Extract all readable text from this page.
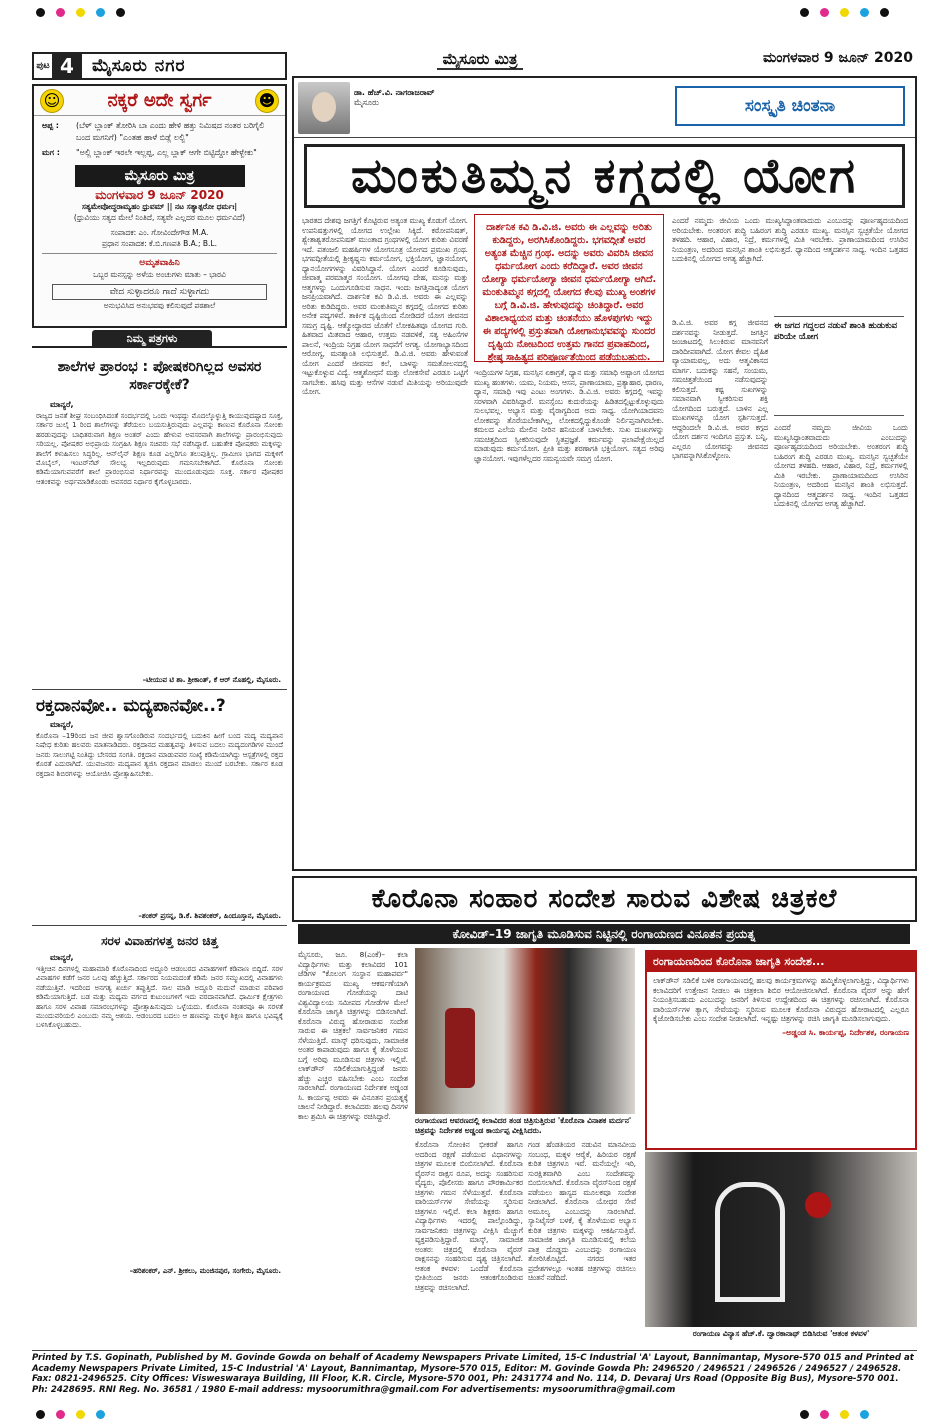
ಪುಟ 4	ಮೈಸೂರು ನಗರ	ಮೈಸೂರು ಮಿತ್ರ	ಮಂಗಳವಾರ 9 ಜೂನ್ 2020
☺	ನಕ್ಕರೆ ಅದೇ ಸ್ವರ್ಗ	☻
ಅಪ್ಪ :	(ಬೆಳ್ ಬ್ಲಾಂಕ್ ತೋರಿಸಿ ಬಾ ಎಂದು ಹೇಳಿ ಹತ್ತು ನಿಮಿಷದ ನಂತರ ಬರಿಗೈಲಿ ಬಂದ ಮಗನಿಗೆ) "ಎಂತಹ ಹಾಳೆ ಬಿಡ್ಲೆ ಲಲ್ಬಿ"
ಮಗ :	"ಅಲ್ಲಿ ಬ್ಲಾಂಕ್ ಇರಲೇ ಇಲ್ಲಪ್ಪ, ಎಲ್ಲ ಬ್ಲಾಕ್ ಆಗೇ ಬಿಟ್ಟಿದ್ದೋ ಹೇಳ್ಬೇಕು"
ಮೈಸೂರು ಮಿತ್ರ
ಮಂಗಳವಾರ 9 ಜೂನ್ 2020
ಸತ್ಯಮೇವೋದ್ಧರಾಮ್ಯಹಂ ಧ್ರುವಮ್ || ನಟ ಸತ್ಯಾತ್ಪರೋ ಧರ್ಮಃ|
(ಧ್ರುವಿಯು ಸತ್ಯದ ಮೇಲೆ ನಿಂತಿದೆ, ಸತ್ಯವೇ ಎಲ್ಲದರ ಮೂಲ ಧರ್ಮವಿದೆ)
ಸಂಪಾದಕ: ಎಂ. ಗೋವಿಂದೇಗೌಡ M.A.
ಪ್ರಧಾನ ಸಂಪಾದಕ: ಕೆ.ಬಿ.ಗಣಪತಿ B.A.; B.L.
ಅಮೃತವಾಹಿನಿ
ಒಬ್ಬರ ಮನಸ್ಸನ್ನು ಅಳೆಯ ಅಂಚುಗಳು ಮಾತು – ಭಾರವಿ
ವೇದ ಸುಳ್ಳಾದರೂ ಗಾದೆ ಸುಳ್ಳಾಗದು
ಅನುಭವಿಸಿದ ಅನುಭವವು ಕಲಿಸುವುದೆ ಪಠಶಾಲೆ
ನಿಮ್ಮ ಪತ್ರಗಳು
ಶಾಲೆಗಳ ಪ್ರಾರಂಭ : ಪೋಷಕರಿಗಿಲ್ಲದ ಅವಸರ ಸರ್ಕಾರಕ್ಕೇಕೆ?
ಮಾನ್ಯರೆ,
ರಾಜ್ಯದ ಜನತೆ ಶೀಘ್ರ ಸಂಬಂಧಿಸಿದಂತೆ ಸಂದರ್ಭದಲ್ಲಿ ಒಂದು ಇಂಥದ್ದು ಮೊದಲ್ಕೊಳ್ಳುತ್ತಿ ಕಾಯುವುದಷ್ಟಾದ ಸೂಕ್ತ, ಸರ್ಕಾರ ಜುಲೈ 1 ರಿಂದ ಶಾಲೆಗಳನ್ನು ತೆರೆಯಲು ಬಯಸುತ್ತಿರುವುದು ಎಲ್ಲವನ್ನು ಕಾಣುವ ಕೊರೊನಾ ಸೋಂಕು ಹರಡುವುದನ್ನು ಬಾಧಿತರುವಾಗ ಶಿಕ್ಷಣ ಅಂತರ್ ಎಂದು ಹೇಳುವ ಅವಸರವಾಗಿ ಶಾಲೆಗಳನ್ನು ಪ್ರಾರಂಭಿಸುವುದು ಸರಿಯಲ್ಲ. ಪೋಷಕರ ಅಭಿಪ್ರಾಯ ಸಂಗ್ರಹಿಸಿ ಶಿಕ್ಷಣ ಸಚಿವರು ಸಭೆ ನಡೆಸಿದ್ದಾರೆ. ಬಹುತೇಕ ಪೋಷಕರು ಮಕ್ಕಳನ್ನು ಶಾಲೆಗೆ ಕಳುಹಿಸಲು ಸಿದ್ಧರಿಲ್ಲ. ಆನ್‌ಲೈನ್ ಶಿಕ್ಷಣ ಕೂಡ ಎಲ್ಲರಿಗೂ ತಲುಪುತ್ತಿಲ್ಲ. ಗ್ರಾಮೀಣ ಭಾಗದ ಮಕ್ಕಳಿಗೆ ಮೊಬೈಲ್, ಇಂಟರ್‌ನೆಟ್ ಸೌಲಭ್ಯ ಇಲ್ಲದಿರುವುದು ಗಮನಿಸಬೇಕಾಗಿದೆ. ಕೊರೊನಾ ಸೋಂಕು ಕಡಿಮೆಯಾಗುವವರೆಗೆ ಶಾಲೆ ಪ್ರಾರಂಭಿಸುವ ನಿರ್ಧಾರವನ್ನು ಮುಂದೂಡುವುದು ಸೂಕ್ತ. ಸರ್ಕಾರ ಪೋಷಕರ ಆತಂಕವನ್ನು ಅರ್ಥಮಾಡಿಕೊಂಡು ಅವಸರದ ನಿರ್ಧಾರ ಕೈಗೊಳ್ಳಬಾರದು.
–ಟೀಯುವ ಟಿ ಶಾ. ಶ್ರೀಕಾಂತ್, ಕೆ ಆರ್ ನೊಹಲ್ಲಿ, ಮೈಸೂರು.
ರಕ್ತದಾನವೋ.. ಮದ್ಯಪಾನವೋ..?
ಮಾನ್ಯರೆ,
ಕೊರೊನಾ –19ರಿಂದ ಜನ ಜೀವ ಶ್ವಾಸಗೊಂಡಿರುವ ಸಂದರ್ಭದಲ್ಲಿ ಬದುಕಿನ ಹೀಗೆ ಬಂದ ಮದ್ಯ ಮದ್ಯಪಾನ ನಿಷೇಧ ಕುರಿತು ಹಲವರು ಮಾತನಾಡಿದರು. ರಕ್ತದಾನದ ಮಹತ್ವವನ್ನು ತಿಳಿಸುವ ಬದಲು ಮದ್ಯದಂಗಡಿಗಳ ಮುಂದೆ ಜನರು ಸಾಲುಗಟ್ಟಿ ನಿಂತಿದ್ದು ಬೇಸರದ ಸಂಗತಿ. ರಕ್ತದಾನ ಮಾಡುವವರ ಸಂಖ್ಯೆ ಕಡಿಮೆಯಾಗಿದ್ದು ಆಸ್ಪತ್ರೆಗಳಲ್ಲಿ ರಕ್ತದ ಕೊರತೆ ಎದುರಾಗಿದೆ. ಯುವಜನರು ಮದ್ಯಪಾನ ತ್ಯಜಿಸಿ ರಕ್ತದಾನ ಮಾಡಲು ಮುಂದೆ ಬರಬೇಕು. ಸರ್ಕಾರ ಕೂಡ ರಕ್ತದಾನ ಶಿಬಿರಗಳನ್ನು ಆಯೋಜಿಸಿ ಪ್ರೋತ್ಸಾಹಿಸಬೇಕು.
–ಶಂಕರ್ ಪ್ರಸನ್ನ, ಡಿ.ಕೆ. ಶಿವಶಂಕರ್, ಹಿಂದೂಸ್ತಾನ, ಮೈಸೂರು.
ಸರಳ ವಿವಾಹಗಳತ್ತ ಜನರ ಚಿತ್ತ
ಮಾನ್ಯರೆ,
ಇತ್ತೀಚಿನ ದಿನಗಳಲ್ಲಿ ಮಹಾಮಾರಿ ಕೊರೊನಾದಿಂದ ಅದ್ಧೂರಿ ಆಡಂಬರದ ವಿವಾಹಗಳಿಗೆ ಕಡಿವಾಣ ಬಿದ್ದಿದೆ. ಸರಳ ವಿವಾಹಗಳ ಕಡೆಗೆ ಜನರ ಒಲವು ಹೆಚ್ಚುತ್ತಿದೆ. ಸರ್ಕಾರದ ನಿಯಮದಂತೆ ಕಡಿಮೆ ಜನರ ಸಮ್ಮುಖದಲ್ಲಿ ವಿವಾಹಗಳು ನಡೆಯುತ್ತಿವೆ. ಇದರಿಂದ ಅನಗತ್ಯ ಖರ್ಚು ತಪ್ಪುತ್ತಿದೆ. ಸಾಲ ಮಾಡಿ ಅದ್ಧೂರಿ ಮದುವೆ ಮಾಡುವ ಪರಿಪಾಠ ಕಡಿಮೆಯಾಗುತ್ತಿದೆ. ಬಡ ಮತ್ತು ಮಧ್ಯಮ ವರ್ಗದ ಕುಟುಂಬಗಳಿಗೆ ಇದು ವರದಾನವಾಗಿದೆ. ಧಾರ್ಮಿಕ ಕ್ಷೇತ್ರಗಳು ಹಾಗೂ ಸರಳ ವಿವಾಹ ಸಮಾರಂಭಗಳನ್ನು ಪ್ರೋತ್ಸಾಹಿಸುವುದು ಒಳ್ಳೆಯದು. ಕೊರೊನಾ ನಂತರವೂ ಈ ಸರಳತೆ ಮುಂದುವರಿಯಲಿ ಎಂಬುದು ನಮ್ಮ ಆಶಯ. ಆಡಂಬರದ ಬದಲು ಆ ಹಣವನ್ನು ಮಕ್ಕಳ ಶಿಕ್ಷಣ ಹಾಗೂ ಭವಿಷ್ಯಕ್ಕೆ ಬಳಸಿಕೊಳ್ಳಬಹುದು.
–ಹರಿಶಂಕರ್, ಎನ್. ಶ್ರೀಕಲು, ಮಂಜಿನಪುರ, ಸಂಗೇರು, ಮೈಸೂರು.
ಡಾ. ಹೆಚ್.ವಿ. ನಾಗರಾಜರಾವ್
ಮೈಸೂರು	ಸಂಸ್ಕೃತಿ ಚಿಂತನಾ
ಮಂಕುತಿಮ್ಮನ ಕಗ್ಗದಲ್ಲಿ ಯೋಗ
ಭಾರತದ ದೇಶವು ಜಗತ್ತಿಗೆ ಕೊಟ್ಟಿರುವ ಅತ್ಯಂತ ಮುಖ್ಯ ಕೊಡುಗೆ ಯೋಗ. ಉಪನಿಷತ್ತುಗಳಲ್ಲಿ ಯೋಗದ ಉಲ್ಲೇಖ ಸಿಕ್ಕಿದೆ. ಕಠೋಪನಿಷತ್, ಶ್ವೇತಾಶ್ವತರೋಪನಿಷತ್ ಮುಂತಾದ ಗ್ರಂಥಗಳಲ್ಲಿ ಯೋಗ ಕುರಿತು ವಿವರಣೆ ಇದೆ. ಪತಂಜಲಿ ಮಹರ್ಷಿಗಳ ಯೋಗಸೂತ್ರ ಯೋಗದ ಪ್ರಮುಖ ಗ್ರಂಥ. ಭಗವದ್ಗೀತೆಯಲ್ಲಿ ಶ್ರೀಕೃಷ್ಣನು ಕರ್ಮಯೋಗ, ಭಕ್ತಿಯೋಗ, ಜ್ಞಾನಯೋಗ, ಧ್ಯಾನಯೋಗಗಳನ್ನು ವಿವರಿಸಿದ್ದಾನೆ. ಯೋಗ ಎಂದರೆ ಕೂಡಿಸುವುದು, ಜೀವಾತ್ಮ ಪರಮಾತ್ಮರ ಸಂಯೋಗ. ಯೋಗವು ದೇಹ, ಮನಸ್ಸು ಮತ್ತು ಆತ್ಮಗಳನ್ನು ಒಂದುಗೂಡಿಸುವ ಸಾಧನ. ಇಂದು ಜಗತ್ತಿನಾದ್ಯಂತ ಯೋಗ ಜನಪ್ರಿಯವಾಗಿದೆ. ದಾರ್ಶನಿಕ ಕವಿ ಡಿ.ವಿ.ಜಿ. ಅವರು ಈ ಎಲ್ಲವನ್ನು ಅರಿತು ಕುಡಿದಿದ್ದರು. ಅವರ ಮಂಕುತಿಮ್ಮನ ಕಗ್ಗದಲ್ಲಿ ಯೋಗದ ಕುರಿತು ಅನೇಕ ಪದ್ಯಗಳಿವೆ. ತಾರ್ಕಿಕ ದೃಷ್ಟಿಯಿಂದ ನೋಡಿದರೆ ಯೋಗ ಜೀವನದ ಸಮಗ್ರ ದೃಷ್ಟಿ. ಆತ್ಮೋದ್ಧಾರದ ಜೊತೆಗೆ ಲೋಕಹಿತವೂ ಯೋಗದ ಗುರಿ. ಹಿತವಾದ ಮಿತವಾದ ಆಹಾರ, ಉತ್ತಮ ನಡವಳಿಕೆ, ಸತ್ಯ ಅಹಿಂಸೆಗಳ ಪಾಲನೆ, ಇಂದ್ರಿಯ ನಿಗ್ರಹ ಯೋಗ ಸಾಧನೆಗೆ ಅಗತ್ಯ. ಯೋಗಾಭ್ಯಾಸದಿಂದ ಆರೋಗ್ಯ, ಮನಶ್ಶಾಂತಿ ಲಭಿಸುತ್ತವೆ. ಡಿ.ವಿ.ಜಿ. ಅವರು ಹೇಳುವಂತೆ ಯೋಗ ಎಂದರೆ ಜೀವನದ ಕಲೆ, ಬಾಳನ್ನು ಸಮತೋಲನದಲ್ಲಿ ಇಟ್ಟುಕೊಳ್ಳುವ ವಿದ್ಯೆ. ಆತ್ಮಶೋಧನೆ ಮತ್ತು ಲೋಕಸೇವೆ ಎರಡೂ ಒಟ್ಟಿಗೆ ಸಾಗಬೇಕು. ಹಸಿವು ಮತ್ತು ಆಸೆಗಳ ನಡುವೆ ಮಿತಿಯನ್ನು ಅರಿಯುವುದೇ ಯೋಗ.
ದಾರ್ಶನಿಕ ಕವಿ ಡಿ.ವಿ.ಜಿ. ಅವರು ಈ ಎಲ್ಲವನ್ನು ಅರಿತು ಕುಡಿದ್ದರು, ಅರಗಿಸಿಕೊಂಡಿದ್ದರು. ಭಗವದ್ಗೀತೆ ಅವರ ಅತ್ಯಂತ ಮೆಚ್ಚಿನ ಗ್ರಂಥ. ಅದನ್ನು ಅವರು ವಿವರಿಸಿ ಜೀವನ ಧರ್ಮಯೋಗ ಎಂದು ಕರೆದಿದ್ದಾರೆ. ಅವರ ಜೀವನ ಯೋಗ್ಯಾ ಧರ್ಮಯೋಗ್ಯಾ ಜೀವನ ಧರ್ಮಯೋಗ್ಯಾ ಆಗಿದೆ. ಮಂಕುತಿಮ್ಮನ ಕಗ್ಗದಲ್ಲಿ ಯೋಗದ ಕೆಲವು ಮುಖ್ಯ ಅಂಶಗಳ ಬಗ್ಗೆ ಡಿ.ವಿ.ಜಿ. ಹೇಳುವುದನ್ನು ಚಿಂತಿದ್ದಾರೆ. ಅವರ ವಿಶಾಲಾಧ್ಯಯನ ಮತ್ತು ಚಿಂತನೆಯು ಹೊಳಪುಗಳು ಇದ್ದು ಈ ಪದ್ಯಗಳಲ್ಲಿ ಪ್ರಸ್ತುತವಾಗಿ ಯೋಗಾನುಭವವನ್ನು ಸುಂದರ ದೃಷ್ಟಿಯ ನೋಟದಿಂದ ಉತ್ತಮ ಗಾನದ ಪ್ರವಾಹದಿಂದ, ಶ್ರೇಷ್ಠ ಸಾಹಿತ್ಯದ ಪರಿಪೂರ್ಣತೆಯಿಂದ ಪಡೆಯಬಹುದು.
ಇಂದ್ರಿಯಗಳ ನಿಗ್ರಹ, ಮನಸ್ಸಿನ ಏಕಾಗ್ರತೆ, ಧ್ಯಾನ ಮತ್ತು ಸಮಾಧಿ ಅಷ್ಟಾಂಗ ಯೋಗದ ಮುಖ್ಯ ಹಂತಗಳು. ಯಮ, ನಿಯಮ, ಆಸನ, ಪ್ರಾಣಾಯಾಮ, ಪ್ರತ್ಯಾಹಾರ, ಧಾರಣ, ಧ್ಯಾನ, ಸಮಾಧಿ ಇವು ಎಂಟು ಅಂಗಗಳು. ಡಿ.ವಿ.ಜಿ. ಅವರು ಕಗ್ಗದಲ್ಲಿ ಇವನ್ನು ಸರಳವಾಗಿ ವಿವರಿಸಿದ್ದಾರೆ. ಮನಸ್ಸೆಂಬ ಕುದುರೆಯನ್ನು ಹಿಡಿತದಲ್ಲಿಟ್ಟುಕೊಳ್ಳುವುದು ಸುಲಭವಲ್ಲ. ಅಭ್ಯಾಸ ಮತ್ತು ವೈರಾಗ್ಯದಿಂದ ಅದು ಸಾಧ್ಯ. ಯೋಗಿಯಾದವನು ಲೋಕವನ್ನು ತೊರೆಯಬೇಕಾಗಿಲ್ಲ, ಲೋಕದಲ್ಲಿದ್ದುಕೊಂಡೇ ನಿರ್ಲಿಪ್ತನಾಗಿರಬೇಕು. ಕಮಲದ ಎಲೆಯ ಮೇಲಿನ ನೀರಿನ ಹನಿಯಂತೆ ಬಾಳಬೇಕು. ಸುಖ ದುಃಖಗಳನ್ನು ಸಮಚಿತ್ತದಿಂದ ಸ್ವೀಕರಿಸುವುದೇ ಸ್ಥಿತಪ್ರಜ್ಞತೆ. ಕರ್ಮವನ್ನು ಫಲಾಪೇಕ್ಷೆಯಿಲ್ಲದೆ ಮಾಡುವುದು ಕರ್ಮಯೋಗ. ಪ್ರೀತಿ ಮತ್ತು ಶರಣಾಗತಿ ಭಕ್ತಿಯೋಗ. ಸತ್ಯದ ಅರಿವು ಜ್ಞಾನಯೋಗ. ಇವುಗಳೆಲ್ಲದರ ಸಮನ್ವಯವೇ ಸಮಗ್ರ ಯೋಗ.
ಎಂದರೆ ನಮ್ಮದು ಜೀವಿಯ ಒಂದು ಮುಖ್ಯಸಿದ್ಧಾಂತವಾದುದು ಎಂಬುದನ್ನು ಪೂರ್ಣಹೃದಯದಿಂದ ಅರಿಯಬೇಕು. ಅಂತರಂಗ ಶುದ್ಧಿ ಬಹಿರಂಗ ಶುದ್ಧಿ ಎರಡೂ ಮುಖ್ಯ. ಮನಸ್ಸಿನ ಸ್ವಚ್ಛತೆಯೇ ಯೋಗದ ತಳಹದಿ. ಆಹಾರ, ವಿಹಾರ, ನಿದ್ರೆ, ಕರ್ಮಗಳಲ್ಲಿ ಮಿತಿ ಇರಬೇಕು. ಪ್ರಾಣಾಯಾಮದಿಂದ ಉಸಿರಿನ ನಿಯಂತ್ರಣ, ಅದರಿಂದ ಮನಸ್ಸಿನ ಶಾಂತಿ ಲಭಿಸುತ್ತದೆ. ಧ್ಯಾನದಿಂದ ಆತ್ಮದರ್ಶನ ಸಾಧ್ಯ. ಇಂದಿನ ಒತ್ತಡದ ಬದುಕಿನಲ್ಲಿ ಯೋಗದ ಅಗತ್ಯ ಹೆಚ್ಚಾಗಿದೆ.
ಈ ಜಗದ ಗದ್ದಲದ ನಡುವೆ ಶಾಂತಿ ಹುಡುಕುವ ಪರಿಯೇ ಯೋಗ
ಡಿ.ವಿ.ಜಿ. ಅವರ ಕಗ್ಗ ಜೀವನದ ದರ್ಶನವನ್ನು ನೀಡುತ್ತದೆ. ಜಗತ್ತಿನ ಜಂಜಾಟದಲ್ಲಿ ಸಿಲುಕಿರುವ ಮಾನವನಿಗೆ ದಾರಿದೀಪವಾಗಿದೆ. ಯೋಗ ಕೇವಲ ದೈಹಿಕ ವ್ಯಾಯಾಮವಲ್ಲ, ಅದು ಆತ್ಮವಿಕಾಸದ ಮಾರ್ಗ. ಬದುಕನ್ನು ಸಹನೆ, ಸಂಯಮ, ಸಮಚಿತ್ತತೆಯಿಂದ ನಡೆಸುವುದನ್ನು ಕಲಿಸುತ್ತದೆ. ಕಷ್ಟ ಸುಖಗಳನ್ನು ಸಮಾನವಾಗಿ ಸ್ವೀಕರಿಸುವ ಶಕ್ತಿ ಯೋಗದಿಂದ ಬರುತ್ತದೆ. ಬಾಳಿನ ಎಲ್ಲ ಮುಖಗಳನ್ನೂ ಯೋಗ ಸ್ಪರ್ಶಿಸುತ್ತದೆ. ಆದ್ದರಿಂದಲೇ ಡಿ.ವಿ.ಜಿ. ಅವರ ಕಗ್ಗದ ಯೋಗ ದರ್ಶನ ಇಂದಿಗೂ ಪ್ರಸ್ತುತ. ಬನ್ನಿ, ಎಲ್ಲರೂ ಯೋಗವನ್ನು ಜೀವನದ ಭಾಗವನ್ನಾಗಿಸಿಕೊಳ್ಳೋಣ.
ಎಂದರೆ ನಮ್ಮದು ಜೀವಿಯ ಒಂದು ಮುಖ್ಯಸಿದ್ಧಾಂತವಾದುದು ಎಂಬುದನ್ನು ಪೂರ್ಣಹೃದಯದಿಂದ ಅರಿಯಬೇಕು. ಅಂತರಂಗ ಶುದ್ಧಿ ಬಹಿರಂಗ ಶುದ್ಧಿ ಎರಡೂ ಮುಖ್ಯ. ಮನಸ್ಸಿನ ಸ್ವಚ್ಛತೆಯೇ ಯೋಗದ ತಳಹದಿ. ಆಹಾರ, ವಿಹಾರ, ನಿದ್ರೆ, ಕರ್ಮಗಳಲ್ಲಿ ಮಿತಿ ಇರಬೇಕು. ಪ್ರಾಣಾಯಾಮದಿಂದ ಉಸಿರಿನ ನಿಯಂತ್ರಣ, ಅದರಿಂದ ಮನಸ್ಸಿನ ಶಾಂತಿ ಲಭಿಸುತ್ತದೆ. ಧ್ಯಾನದಿಂದ ಆತ್ಮದರ್ಶನ ಸಾಧ್ಯ. ಇಂದಿನ ಒತ್ತಡದ ಬದುಕಿನಲ್ಲಿ ಯೋಗದ ಅಗತ್ಯ ಹೆಚ್ಚಾಗಿದೆ.
ಕೊರೊನಾ ಸಂಹಾರ ಸಂದೇಶ ಸಾರುವ ವಿಶೇಷ ಚಿತ್ರಕಲೆ
ಕೋವಿಡ್–19 ಜಾಗೃತಿ ಮೂಡಿಸುವ ನಿಟ್ಟಿನಲ್ಲಿ ರಂಗಾಯಣದ ವಿನೂತನ ಪ್ರಯತ್ನ
ಮೈಸೂರು, ಜೂ. 8(ಎಂಕೆ)– ಕಲಾ ವಿದ್ಯಾರ್ಥಿಗಳು ಮತ್ತು ಕಲಾವಿದರ 101 ಜೆಡಿಗಳ "ಕೊಲಂಗ ಸಂಸ್ಥಾನ ಮಹಾಪರ್ವ" ಕಾರ್ಯಕ್ರಮದ ಮುಖ್ಯ ಆಕರ್ಷಣೆಯಾಗಿ ರಂಗಾಯಣದ ಗೋಡೆಯನ್ನು ದಾಟಿ ವಿಶ್ವವಿದ್ಯಾಲಯ ಸಮೀಪದ ಗೋಡೆಗಳ ಮೇಲೆ ಕೊರೊನಾ ಜಾಗೃತಿ ಚಿತ್ರಗಳನ್ನು ಬಿಡಿಸಲಾಗಿದೆ. ಕೊರೊನಾ ವಿರುದ್ಧ ಹೋರಾಡುವ ಸಂದೇಶ ಸಾರುವ ಈ ಚಿತ್ರಕಲೆ ಸಾರ್ವಜನಿಕರ ಗಮನ ಸೆಳೆಯುತ್ತಿದೆ. ಮಾಸ್ಕ್ ಧರಿಸುವುದು, ಸಾಮಾಜಿಕ ಅಂತರ ಕಾಪಾಡುವುದು ಹಾಗೂ ಕೈ ತೊಳೆಯುವ ಬಗ್ಗೆ ಅರಿವು ಮೂಡಿಸುವ ಚಿತ್ರಗಳು ಇಲ್ಲಿವೆ. ಲಾಕ್‌ಡೌನ್ ಸಡಿಲಿಕೆಯಾಗುತ್ತಿದ್ದಂತೆ ಜನರು ಹೆಚ್ಚು ಎಚ್ಚರ ವಹಿಸಬೇಕು ಎಂಬ ಸಂದೇಶ ಸಾರಲಾಗಿದೆ. ರಂಗಾಯಣದ ನಿರ್ದೇಶಕ ಅಡ್ಡಂಡ ಸಿ. ಕಾರ್ಯಪ್ಪ ಅವರು ಈ ವಿನೂತನ ಪ್ರಯತ್ನಕ್ಕೆ ಚಾಲನೆ ನೀಡಿದ್ದಾರೆ. ಕಲಾವಿದರು ಹಲವು ದಿನಗಳ ಕಾಲ ಶ್ರಮಿಸಿ ಈ ಚಿತ್ರಗಳನ್ನು ರಚಿಸಿದ್ದಾರೆ.	ರಂಗಾಯಣದ ಆವರಣದಲ್ಲಿ ಕಲಾವಿದರ ತಂಡ ಚಿತ್ರಿಸುತ್ತಿರುವ 'ಕೊರೊನಾ ವಿನಾಶಕ ಮರ್ದನ' ಚಿತ್ರವನ್ನು ನಿರ್ದೇಶಕ ಅಡ್ಡಂಡ ಕಾರ್ಯಪ್ಪ ವೀಕ್ಷಿಸಿದರು.
ಕೊರೊನಾ ಸೋಂಕಿನ ಭೀಕರತೆ ಹಾಗೂ ಅದರಿಂದ ರಕ್ಷಣೆ ಪಡೆಯುವ ವಿಧಾನಗಳನ್ನು ಚಿತ್ರಗಳ ಮೂಲಕ ಬಿಂಬಿಸಲಾಗಿದೆ. ಕೊರೊನಾ ವೈರಸ್‌ನ ರಾಕ್ಷಸ ರೂಪ, ಅದನ್ನು ಸಂಹರಿಸುವ ವೈದ್ಯರು, ಪೊಲೀಸರು ಹಾಗೂ ಪೌರಕಾರ್ಮಿಕರ ಚಿತ್ರಗಳು ಗಮನ ಸೆಳೆಯುತ್ತವೆ. ಕೊರೊನಾ ವಾರಿಯರ್ಸ್‌ಗಳ ಸೇವೆಯನ್ನು ಸ್ಮರಿಸುವ ಚಿತ್ರಗಳೂ ಇಲ್ಲಿವೆ. ಕಲಾ ಶಿಕ್ಷಕರು ಹಾಗೂ ವಿದ್ಯಾರ್ಥಿಗಳು ಇದರಲ್ಲಿ ಪಾಲ್ಗೊಂಡಿದ್ದು, ಸಾರ್ವಜನಿಕರು ಚಿತ್ರಗಳನ್ನು ವೀಕ್ಷಿಸಿ ಮೆಚ್ಚುಗೆ ವ್ಯಕ್ತಪಡಿಸುತ್ತಿದ್ದಾರೆ. ಮಾಸ್ಕ್, ಸಾಮಾಜಿಕ ಅಂತರ: ಚಿತ್ರದಲ್ಲಿ ಕೊರೊನಾ ವೈರಸ್ ರಾಕ್ಷಸನನ್ನು ಸಂಹರಿಸುವ ದೃಶ್ಯ ಚಿತ್ರಿಸಲಾಗಿದೆ. ಆತಂಕ ಕಳವಳ: ಒಂದೆಡೆ ಕೊರೊನಾ ಭೀತಿಯಿಂದ ಜನರು ಆತಂಕಗೊಂಡಿರುವ ಚಿತ್ರವನ್ನು ರಚಿಸಲಾಗಿದೆ.
ಗಂಡ ಹೆಂಡತಿಯರ ನಡುವಿನ ಮಾನವೀಯ ಸಂಬಂಧ, ಮಕ್ಕಳ ಆರೈಕೆ, ಹಿರಿಯರ ರಕ್ಷಣೆ ಕುರಿತ ಚಿತ್ರಗಳೂ ಇವೆ. ಮನೆಯಲ್ಲೇ ಇರಿ, ಸುರಕ್ಷಿತವಾಗಿರಿ ಎಂಬ ಸಂದೇಶವನ್ನು ಬಿಂಬಿಸಲಾಗಿದೆ. ಕೊರೊನಾ ವೈರಸ್‌ನಿಂದ ರಕ್ಷಣೆ ಪಡೆಯಲು ಹಾಸ್ಯದ ಮೂಲಕವೂ ಸಂದೇಶ ನೀಡಲಾಗಿದೆ. ಕೊರೊನಾ ಯೋಧರ ಸೇವೆ ಅಮೂಲ್ಯ ಎಂಬುದನ್ನು ಸಾರಲಾಗಿದೆ. ಸ್ಯಾನಿಟೈಸರ್ ಬಳಕೆ, ಕೈ ತೊಳೆಯುವ ಅಭ್ಯಾಸ ಕುರಿತ ಚಿತ್ರಗಳು ಮಕ್ಕಳನ್ನು ಆಕರ್ಷಿಸುತ್ತಿವೆ. ಸಾಮಾಜಿಕ ಜಾಗೃತಿ ಮೂಡಿಸುವಲ್ಲಿ ಕಲೆಯ ಪಾತ್ರ ದೊಡ್ಡದು ಎಂಬುದನ್ನು ರಂಗಾಯಣ ತೋರಿಸಿಕೊಟ್ಟಿದೆ. ನಗರದ ಇತರ ಪ್ರದೇಶಗಳಲ್ಲೂ ಇಂತಹ ಚಿತ್ರಗಳನ್ನು ರಚಿಸಲು ಚಿಂತನೆ ನಡೆದಿದೆ.
ರಂಗಾಯಣದಿಂದ ಕೊರೊನಾ ಜಾಗೃತಿ ಸಂದೇಶ...
ಲಾಕ್‌ಡೌನ್ ಸಡಿಲಿಕೆ ಬಳಿಕ ರಂಗಾಯಣದಲ್ಲಿ ಹಲವು ಕಾರ್ಯಕ್ರಮಗಳನ್ನು ಹಮ್ಮಿಕೊಳ್ಳಲಾಗುತ್ತಿದ್ದು, ವಿದ್ಯಾರ್ಥಿಗಳು ಕಲಾವಿದರಿಗೆ ಉತ್ತೇಜನ ನೀಡಲು ಈ ಚಿತ್ರಕಲಾ ಶಿಬಿರ ಆಯೋಜಿಸಲಾಗಿದೆ. ಕೊರೊನಾ ವೈರಸ್ ಅನ್ನು ಹೇಗೆ ನಿಯಂತ್ರಿಸಬಹುದು ಎಂಬುದನ್ನು ಜನರಿಗೆ ತಿಳಿಸುವ ಉದ್ದೇಶದಿಂದ ಈ ಚಿತ್ರಗಳನ್ನು ರಚಿಸಲಾಗಿದೆ. ಕೊರೊನಾ ವಾರಿಯರ್ಸ್‌ಗಳ ತ್ಯಾಗ, ಸೇವೆಯನ್ನು ಸ್ಮರಿಸುವ ಮೂಲಕ ಕೊರೊನಾ ವಿರುದ್ಧದ ಹೋರಾಟದಲ್ಲಿ ಎಲ್ಲರೂ ಕೈಜೋಡಿಸಬೇಕು ಎಂಬ ಸಂದೇಶ ನೀಡಲಾಗಿದೆ. ಇನ್ನಷ್ಟು ಚಿತ್ರಗಳನ್ನು ರಚಿಸಿ ಜಾಗೃತಿ ಮೂಡಿಸಲಾಗುವುದು.
–ಅಡ್ಡಂಡ ಸಿ. ಕಾರ್ಯಪ್ಪ, ನಿರ್ದೇಶಕ, ರಂಗಾಯಣ
ರಂಗಾಯಣ ವಿನ್ಯಾಸ ಹೆಚ್.ಕೆ. ದ್ವಾರಕಾನಾಥ್ ಬಿಡಿಸಿರುವ 'ಆತಂಕ ಕಳವಳ'
Printed by T.S. Gopinath, Published by M. Govinde Gowda on behalf of Academy Newspapers Private Limited, 15-C Industrial 'A' Layout, Bannimantap, Mysore-570 015 and Printed at Academy Newspapers Private Limited, 15-C Industrial 'A' Layout, Bannimantap, Mysore-570 015, Editor: M. Govinde Gowda Ph: 2496520 / 2496521 / 2496526 / 2496527 / 2496528. Fax: 0821-2496525. City Offices: Visweswaraya Building, III Floor, K.R. Circle, Mysore-570 001, Ph: 2431774 and No. 114, D. Devaraj Urs Road (Opposite Big Bus), Mysore-570 001. Ph: 2428695. RNI Reg. No. 36581 / 1980 E-mail address: mysoorumithra@gmail.com For advertisements: mysoorumithra@gmail.com
